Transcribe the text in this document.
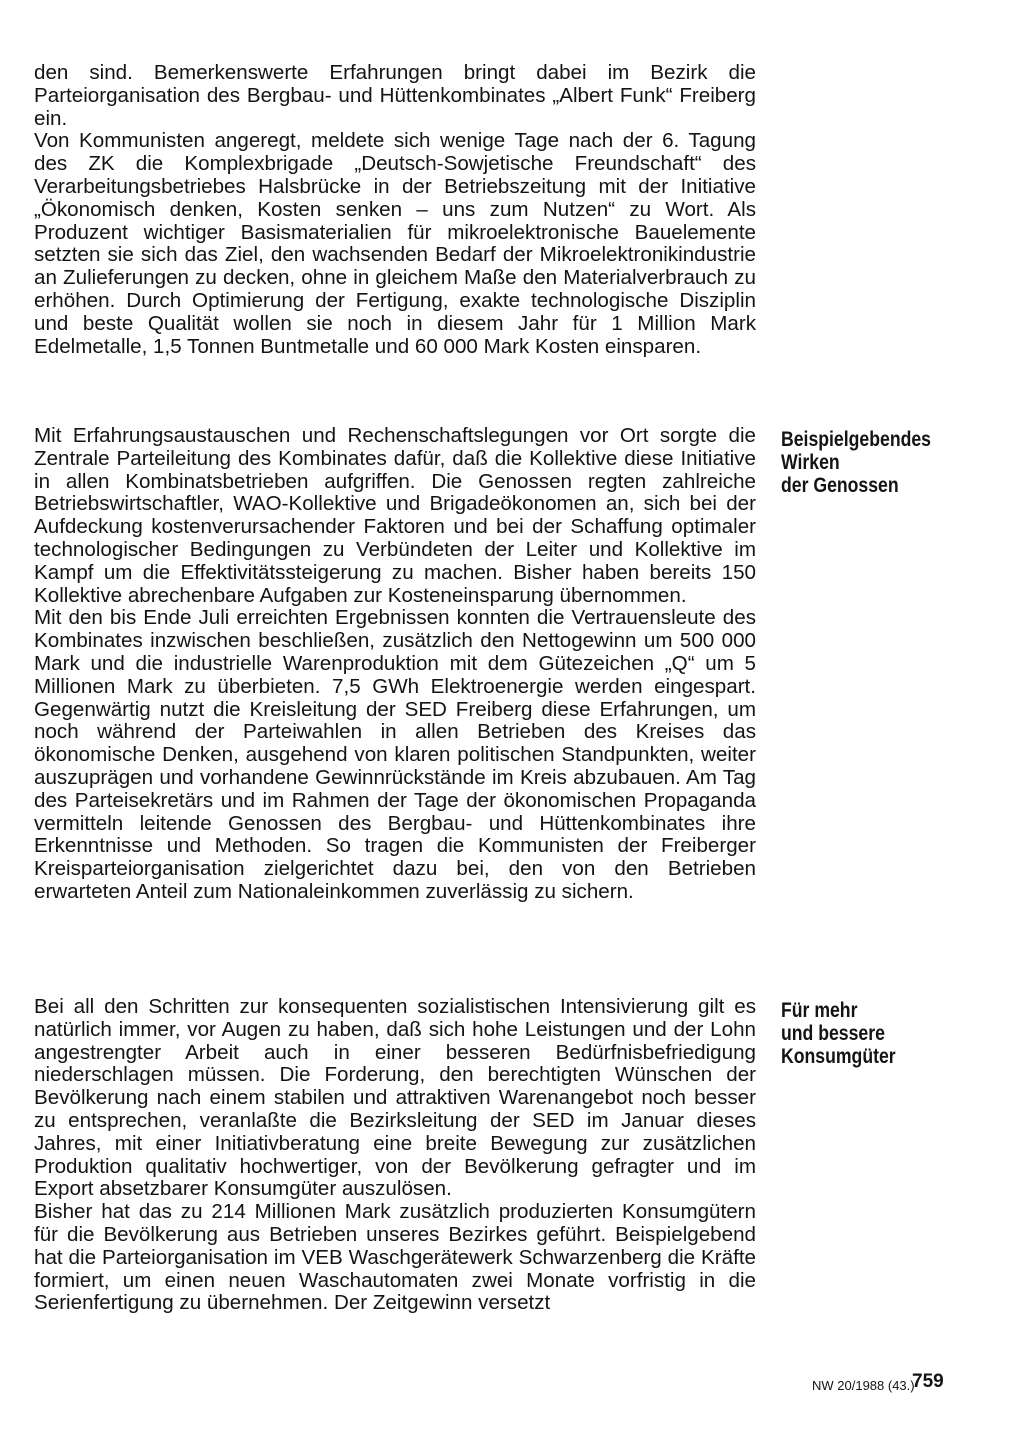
den sind. Bemerkenswerte Erfahrungen bringt dabei im Bezirk die Parteiorganisation des Bergbau- und Hüttenkombinates „Albert Funk“ Freiberg ein.

Von Kommunisten angeregt, meldete sich wenige Tage nach der 6. Tagung des ZK die Komplexbrigade „Deutsch-Sowjetische Freundschaft“ des Verarbeitungsbetriebes Halsbrücke in der Betriebszeitung mit der Initiative „Ökonomisch denken, Kosten senken – uns zum Nutzen“ zu Wort. Als Produzent wichtiger Basismaterialien für mikroelektronische Bauelemente setzten sie sich das Ziel, den wachsenden Bedarf der Mikroelektronikindustrie an Zulieferungen zu decken, ohne in gleichem Maße den Materialverbrauch zu erhöhen. Durch Optimierung der Fertigung, exakte technologische Disziplin und beste Qualität wollen sie noch in diesem Jahr für 1 Million Mark Edelmetalle, 1,5 Tonnen Buntmetalle und 60 000 Mark Kosten einsparen.

Mit Erfahrungsaustauschen und Rechenschaftslegungen vor Ort sorgte die Zentrale Parteileitung des Kombinates dafür, daß die Kollektive diese Initiative in allen Kombinatsbetrieben aufgriffen. Die Genossen regten zahlreiche Betriebswirtschaftler, WAO-Kollektive und Brigadeökonomen an, sich bei der Aufdeckung kostenverursachender Faktoren und bei der Schaffung optimaler technologischer Bedingungen zu Verbündeten der Leiter und Kollektive im Kampf um die Effektivitätssteigerung zu machen. Bisher haben bereits 150 Kollektive abrechenbare Aufgaben zur Kosteneinsparung übernommen.

Mit den bis Ende Juli erreichten Ergebnissen konnten die Vertrauensleute des Kombinates inzwischen beschließen, zusätzlich den Nettogewinn um 500 000 Mark und die industrielle Warenproduktion mit dem Gütezeichen „Q“ um 5 Millionen Mark zu überbieten. 7,5 GWh Elektroenergie werden eingespart. Gegenwärtig nutzt die Kreisleitung der SED Freiberg diese Erfahrungen, um noch während der Parteiwahlen in allen Betrieben des Kreises das ökonomische Denken, ausgehend von klaren politischen Standpunkten, weiter auszuprägen und vorhandene Gewinnrückstände im Kreis abzubauen. Am Tag des Parteisekretärs und im Rahmen der Tage der ökonomischen Propaganda vermitteln leitende Genossen des Bergbau- und Hüttenkombinates ihre Erkenntnisse und Methoden. So tragen die Kommunisten der Freiberger Kreisparteiorganisation zielgerichtet dazu bei, den von den Betrieben erwarteten Anteil zum Nationaleinkommen zuverlässig zu sichern.

Beispielgebendes
Wirken
der Genossen

Bei all den Schritten zur konsequenten sozialistischen Intensivierung gilt es natürlich immer, vor Augen zu haben, daß sich hohe Leistungen und der Lohn angestrengter Arbeit auch in einer besseren Bedürfnisbefriedigung niederschlagen müssen. Die Forderung, den berechtigten Wünschen der Bevölkerung nach einem stabilen und attraktiven Warenangebot noch besser zu entsprechen, veranlaßte die Bezirksleitung der SED im Januar dieses Jahres, mit einer Initiativberatung eine breite Bewegung zur zusätzlichen Produktion qualitativ hochwertiger, von der Bevölkerung gefragter und im Export absetzbarer Konsumgüter auszulösen.

Bisher hat das zu 214 Millionen Mark zusätzlich produzierten Konsumgütern für die Bevölkerung aus Betrieben unseres Bezirkes geführt. Beispielgebend hat die Parteiorganisation im VEB Waschgerätewerk Schwarzenberg die Kräfte formiert, um einen neuen Waschautomaten zwei Monate vorfristig in die Serienfertigung zu übernehmen. Der Zeitgewinn versetzt

Für mehr
und bessere
Konsumgüter
NW 20/1988 (43.)
759
